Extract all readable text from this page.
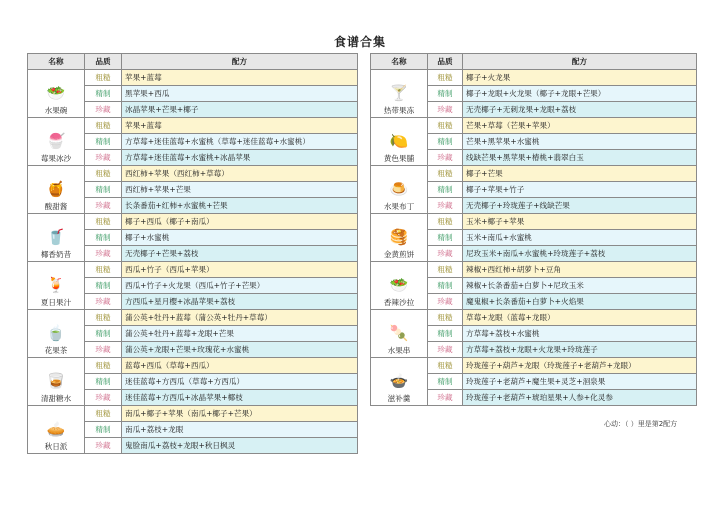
食谱合集
名称	品质	配方

🥗
水果碗	粗糙	苹果+蓝莓
	精制	黑苹果+西瓜
	珍藏	冰晶苹果+芒果+椰子

🍧
莓果冰沙	粗糙	苹果+蓝莓
	精制	方草莓+迷佳蓝莓+水蜜桃（草莓+迷佳蓝莓+水蜜桃）
	珍藏	方草莓+迷佳蓝莓+水蜜桃+冰晶苹果

🍯
酸甜酱	粗糙	西红柿+苹果（西红柿+草莓）
	精制	西红柿+苹果+芒果
	珍藏	长条番茄+红柿+水蜜桃+芒果

🥤
椰香奶昔	粗糙	椰子+西瓜（椰子+南瓜）
	精制	椰子+水蜜桃
	珍藏	无壳椰子+芒果+荔枝

🍹
夏日果汁	粗糙	西瓜+竹子（西瓜+苹果）
	精制	西瓜+竹子+火龙果（西瓜+竹子+芒果）
	珍藏	方西瓜+星月樱+冰晶苹果+荔枝

🍵
花果茶	粗糙	蒲公英+牡丹+蓝莓（蒲公英+牡丹+草莓）
	精制	蒲公英+牡丹+蓝莓+龙眼+芒果
	珍藏	蒲公英+龙眼+芒果+玫瑰花+水蜜桃

🥃
清甜糖水	粗糙	蓝莓+西瓜（草莓+西瓜）
	精制	迷佳蓝莓+方西瓜（草莓+方西瓜）
	珍藏	迷佳蓝莓+方西瓜+冰晶苹果+椰枝

🥧
秋日派	粗糙	南瓜+椰子+苹果（南瓜+椰子+芒果）
	精制	南瓜+荔枝+龙眼
	珍藏	鬼脸南瓜+荔枝+龙眼+秋日枫灵
名称	品质	配方

🍸
热带果冻	粗糙	椰子+火龙果
	精制	椰子+龙眼+火龙果（椰子+龙眼+芒果）
	珍藏	无壳椰子+无刺龙果+龙眼+荔枝

🍋
黄色果脯	粗糙	芒果+草莓（芒果+苹果）
	精制	芒果+黑苹果+水蜜桃
	珍藏	线缺芒果+黑苹果+椿桃+翡翠白玉

🍮
水果布丁	粗糙	椰子+芒果
	精制	椰子+苹果+竹子
	珍藏	无壳椰子+玲珑莲子+线缺芒果

🥞
金黄煎饼	粗糙	玉米+椰子+苹果
	精制	玉米+南瓜+水蜜桃
	珍藏	尼玫玉米+南瓜+水蜜桃+玲珑莲子+荔枝

🥗
香辣沙拉	粗糙	辣椒+西红柿+胡萝卜+豆角
	精制	辣椒+长条番茄+白萝卜+尼玫玉米
	珍藏	魔鬼椒+长条番茄+白萝卜+火焰果

🍡
水果串	粗糙	草莓+龙眼（蓝莓+龙眼）
	精制	方草莓+荔枝+水蜜桃
	珍藏	方草莓+荔枝+龙眼+火龙果+玲珑莲子

🍲
滋补羹	粗糙	玲珑莲子+葫芦+龙眼（玲珑莲子+老葫芦+龙眼）
	精制	玲珑莲子+老葫芦+魔生果+灵芝+洄泉果
	珍藏	玲珑莲子+老葫芦+琥珀星果+人参+化灵参
心动：（ ）里是第2配方
